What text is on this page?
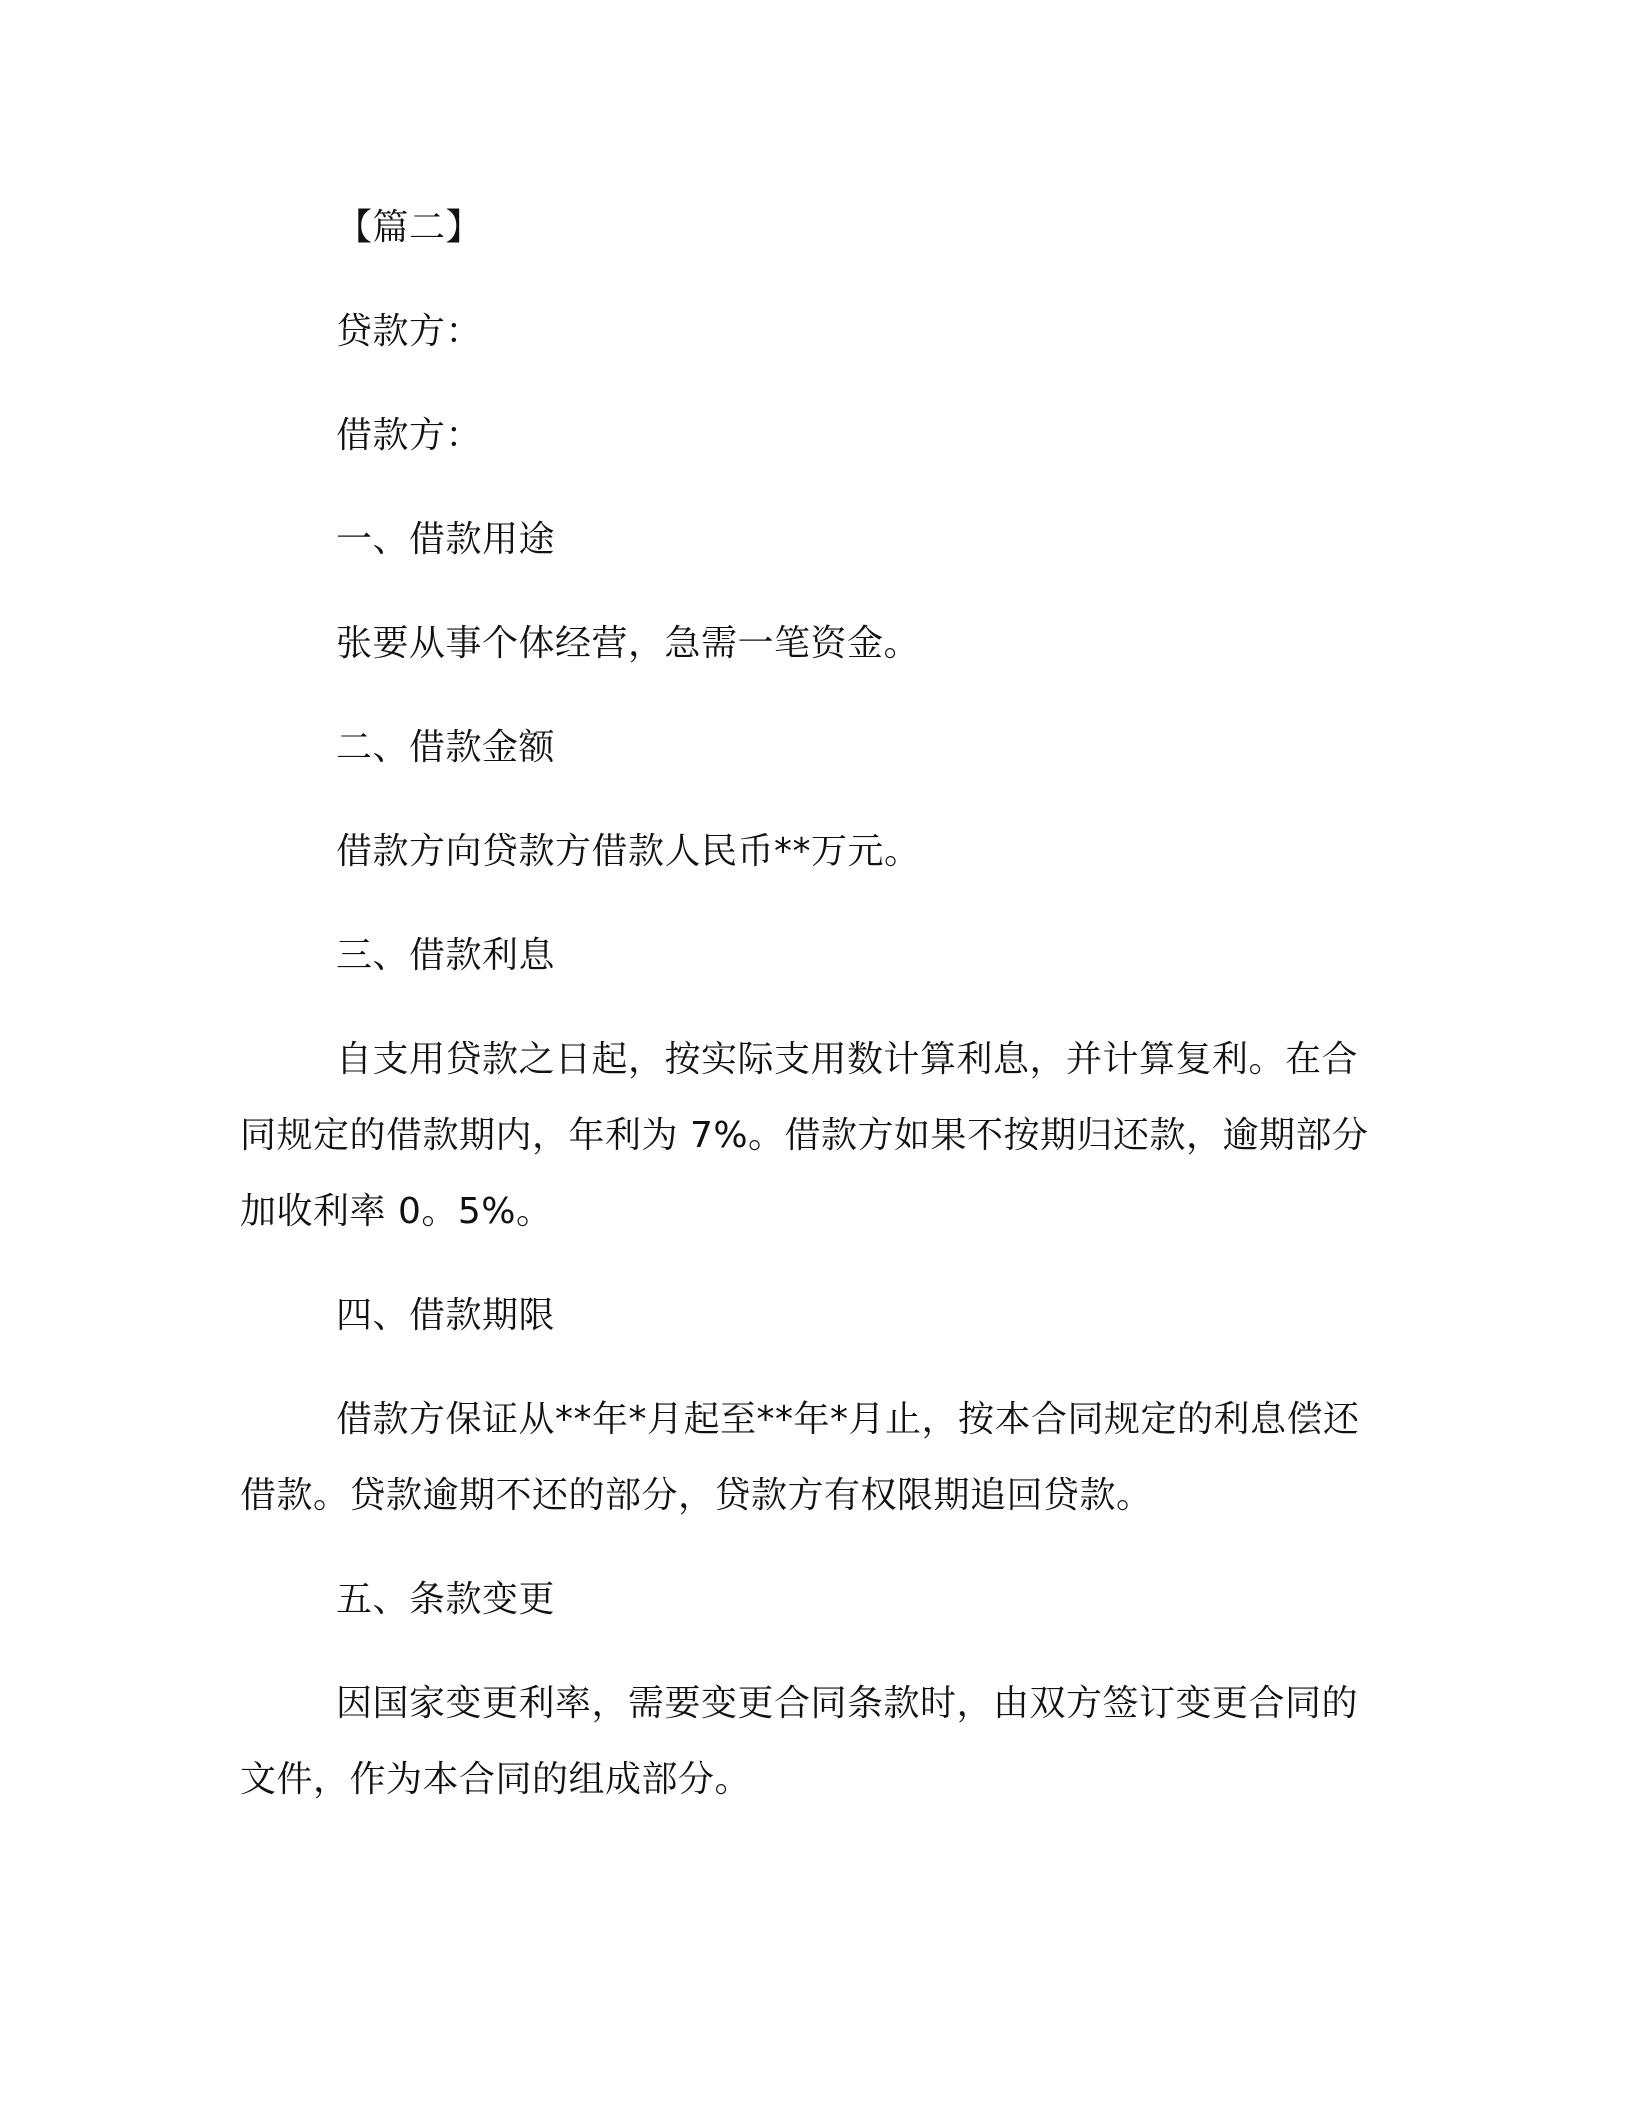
【篇二】
贷款方：
借款方：
一、借款用途
张要从事个体经营，急需一笔资金。
二、借款金额
借款方向贷款方借款人民币**万元。
三、借款利息
自支用贷款之日起，按实际支用数计算利息，并计算复利。在合同规定的借款期内，年利为 7%。借款方如果不按期归还款，逾期部分加收利率 0。5%。
四、借款期限
借款方保证从**年*月起至**年*月止，按本合同规定的利息偿还借款。贷款逾期不还的部分，贷款方有权限期追回贷款。
五、条款变更
因国家变更利率，需要变更合同条款时，由双方签订变更合同的文件，作为本合同的组成部分。
